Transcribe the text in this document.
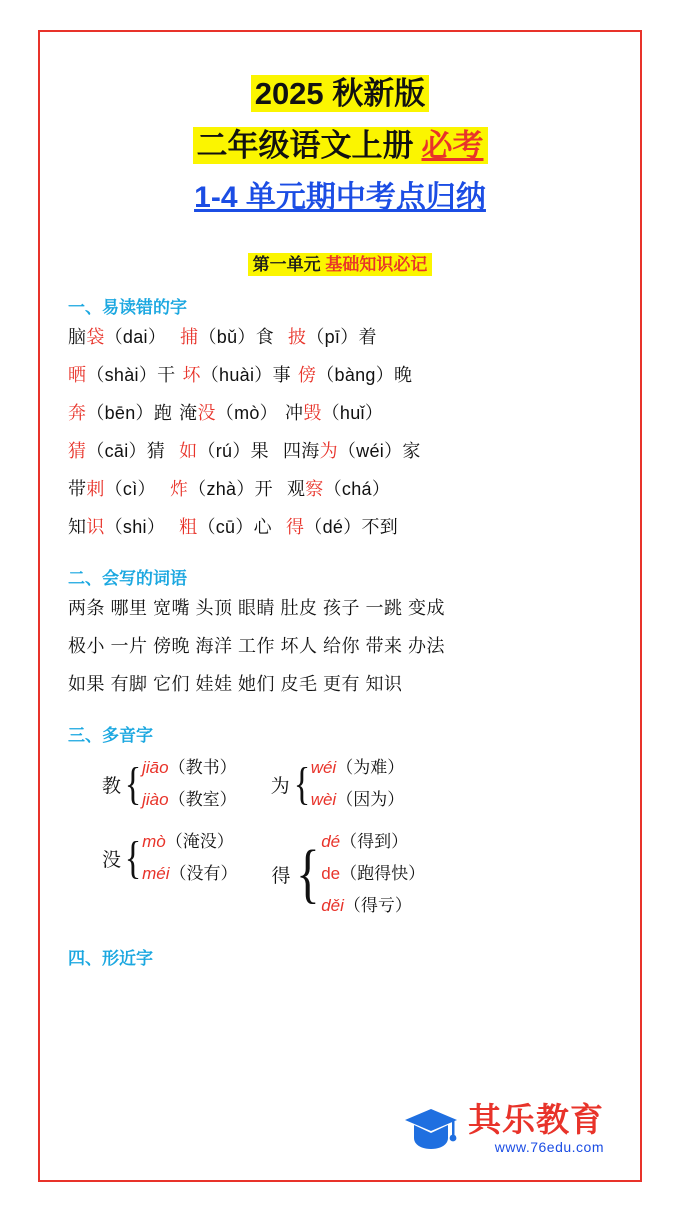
2025 秋新版
二年级语文上册 必考
1-4 单元期中考点归纳
第一单元 基础知识必记
一、易读错的字
脑袋（dai） 捕（bǔ）食 披（pī）着
晒（shài）干 坏（huài）事 傍（bàng）晚
奔（bēn）跑 淹没（mò） 冲毁（huǐ）
猜（cāi）猜 如（rú）果 四海为（wéi）家
带刺（cì） 炸（zhà）开 观察（chá）
知识（shi） 粗（cū）心 得（dé）不到
二、会写的词语
两条 哪里 宽嘴 头顶 眼睛 肚皮 孩子 一跳 变成
极小 一片 傍晚 海洋 工作 坏人 给你 带来 办法
如果 有脚 它们 娃娃 她们 皮毛 更有 知识
三、多音字
教 { jiāo（教书）
jiào（教室）
为 { wéi（为难）
wèi（因为）
没 { mò（淹没）
méi（没有） 得 { dé（得到）
de（跑得快）
děi（得亏）
四、形近字
其乐教育
www.76edu.com
